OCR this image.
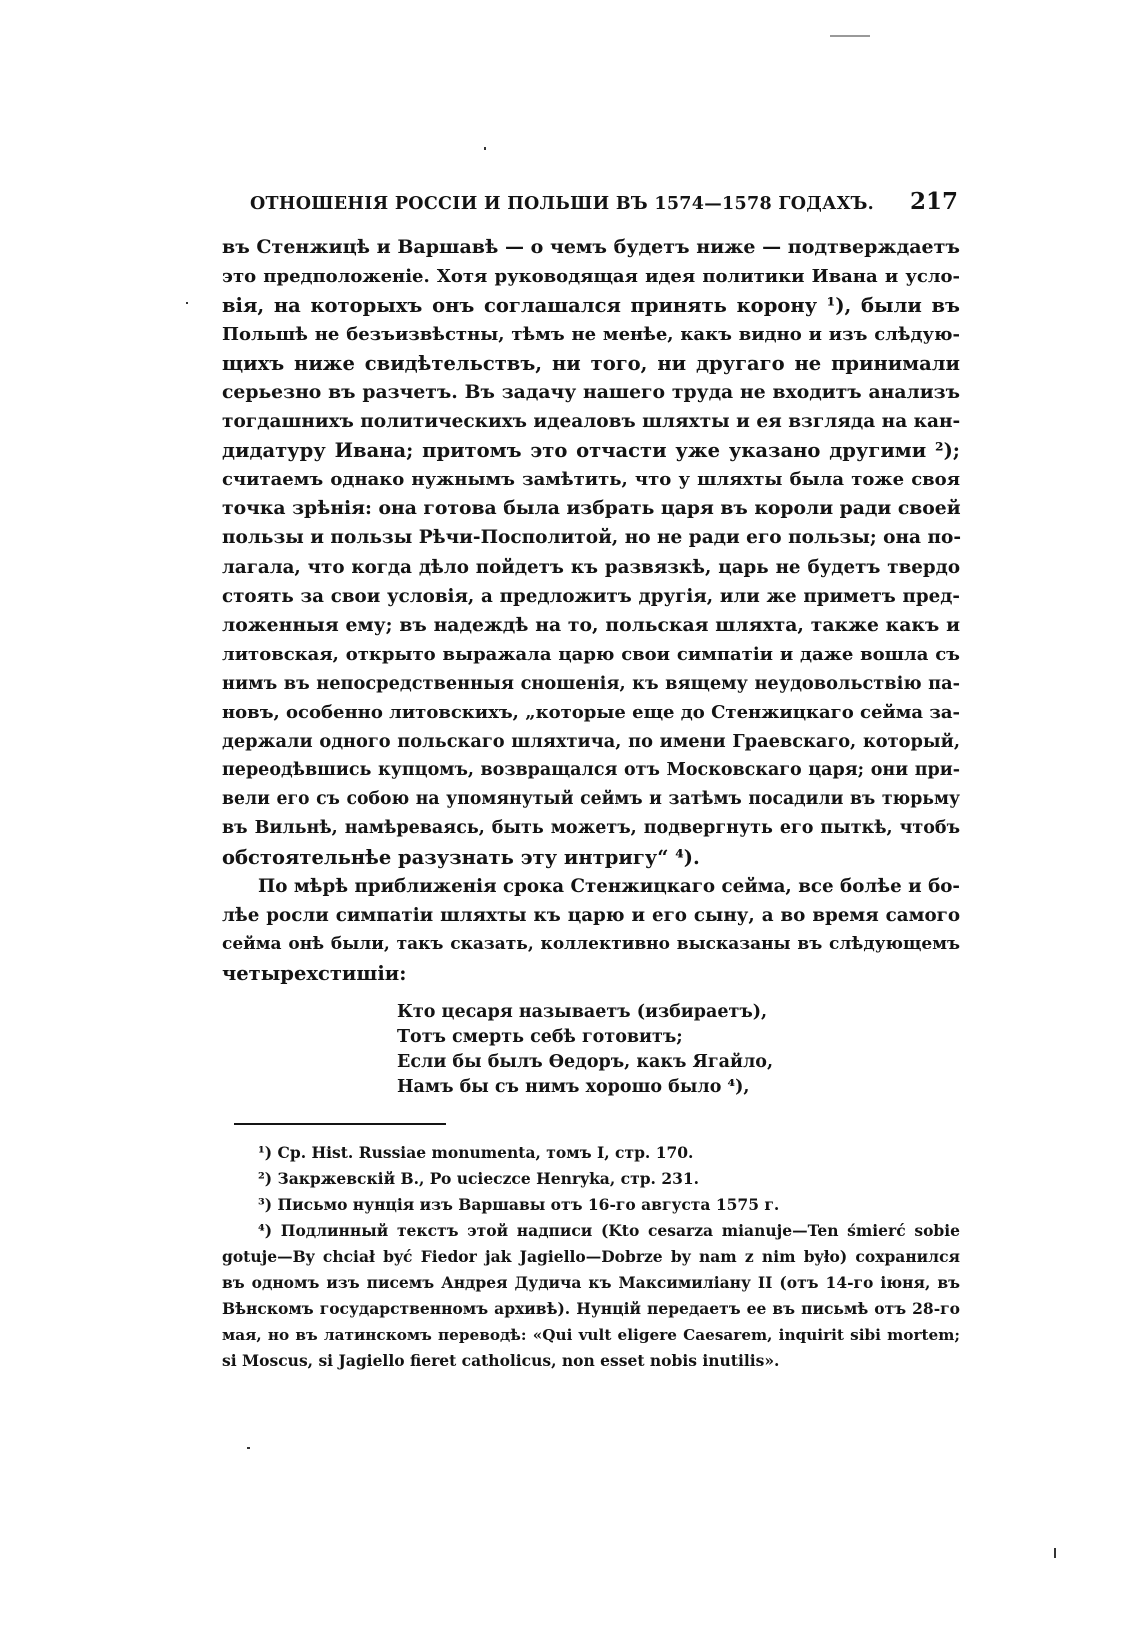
ОТНОШЕНІЯ РОССІИ И ПОЛЬШИ ВЪ 1574—1578 ГОДАХЪ. 217
въ Стенжицѣ и Варшавѣ — о чемъ будетъ ниже — подтверждаетъ
это предположеніе. Хотя руководящая идея политики Ивана и усло-
вія, на которыхъ онъ соглашался принять корону ¹), были въ
Польшѣ не безъизвѣстны, тѣмъ не менѣе, какъ видно и изъ слѣдую-
щихъ ниже свидѣтельствъ, ни того, ни другаго не принимали
серьезно въ разчетъ. Въ задачу нашего труда не входитъ анализъ
тогдашнихъ политическихъ идеаловъ шляхты и ея взгляда на кан-
дидатуру Ивана; притомъ это отчасти уже указано другими ²);
считаемъ однако нужнымъ замѣтить, что у шляхты была тоже своя
точка зрѣнія: она готова была избрать царя въ короли ради своей
пользы и пользы Рѣчи-Посполитой, но не ради его пользы; она по-
лагала, что когда дѣло пойдетъ къ развязкѣ, царь не будетъ твердо
стоять за свои условія, а предложитъ другія, или же приметъ пред-
ложенныя ему; въ надеждѣ на то, польская шляхта, также какъ и
литовская, открыто выражала царю свои симпатіи и даже вошла съ
нимъ въ непосредственныя сношенія, къ вящему неудовольствію па-
новъ, особенно литовскихъ, „которые еще до Стенжицкаго сейма за-
держали одного польскаго шляхтича, по имени Граевскаго, который,
переодѣвшись купцомъ, возвращался отъ Московскаго царя; они при-
вели его съ собою на упомянутый сеймъ и затѣмъ посадили въ тюрьму
въ Вильнѣ, намѣреваясь, быть можетъ, подвергнуть его пыткѣ, чтобъ
обстоятельнѣе разузнать эту интригу“ ⁴).
По мѣрѣ приближенія срока Стенжицкаго сейма, все болѣе и бо-
лѣе росли симпатіи шляхты къ царю и его сыну, а во время самого
сейма онѣ были, такъ сказать, коллективно высказаны въ слѣдующемъ
четырехстишіи:
Кто цесаря называетъ (избираетъ),
Тотъ смерть себѣ готовитъ;
Если бы былъ Өедоръ, какъ Ягайло,
Намъ бы съ нимъ хорошо было ⁴),
¹) Ср. Hist. Russiae monumenta, томъ I, стр. 170.
²) Закржевскій В., Po ucieczce Henryka, стр. 231.
³) Письмо нунція изъ Варшавы отъ 16-го августа 1575 г.
⁴) Подлинный текстъ этой надписи (Kto cesarza mianuje—Ten śmierć sobie
gotuje—By chciał być Fiedor jak Jagiello—Dobrze by nam z nim było) сохранился
въ одномъ изъ писемъ Андрея Дудича къ Максимиліану II (отъ 14-го іюня, въ
Вѣнскомъ государственномъ архивѣ). Нунцій передаетъ ее въ письмѣ отъ 28-го
мая, но въ латинскомъ переводѣ: «Qui vult eligere Caesarem, inquirit sibi mortem;
si Moscus, si Jagiello fieret catholicus, non esset nobis inutilis».
